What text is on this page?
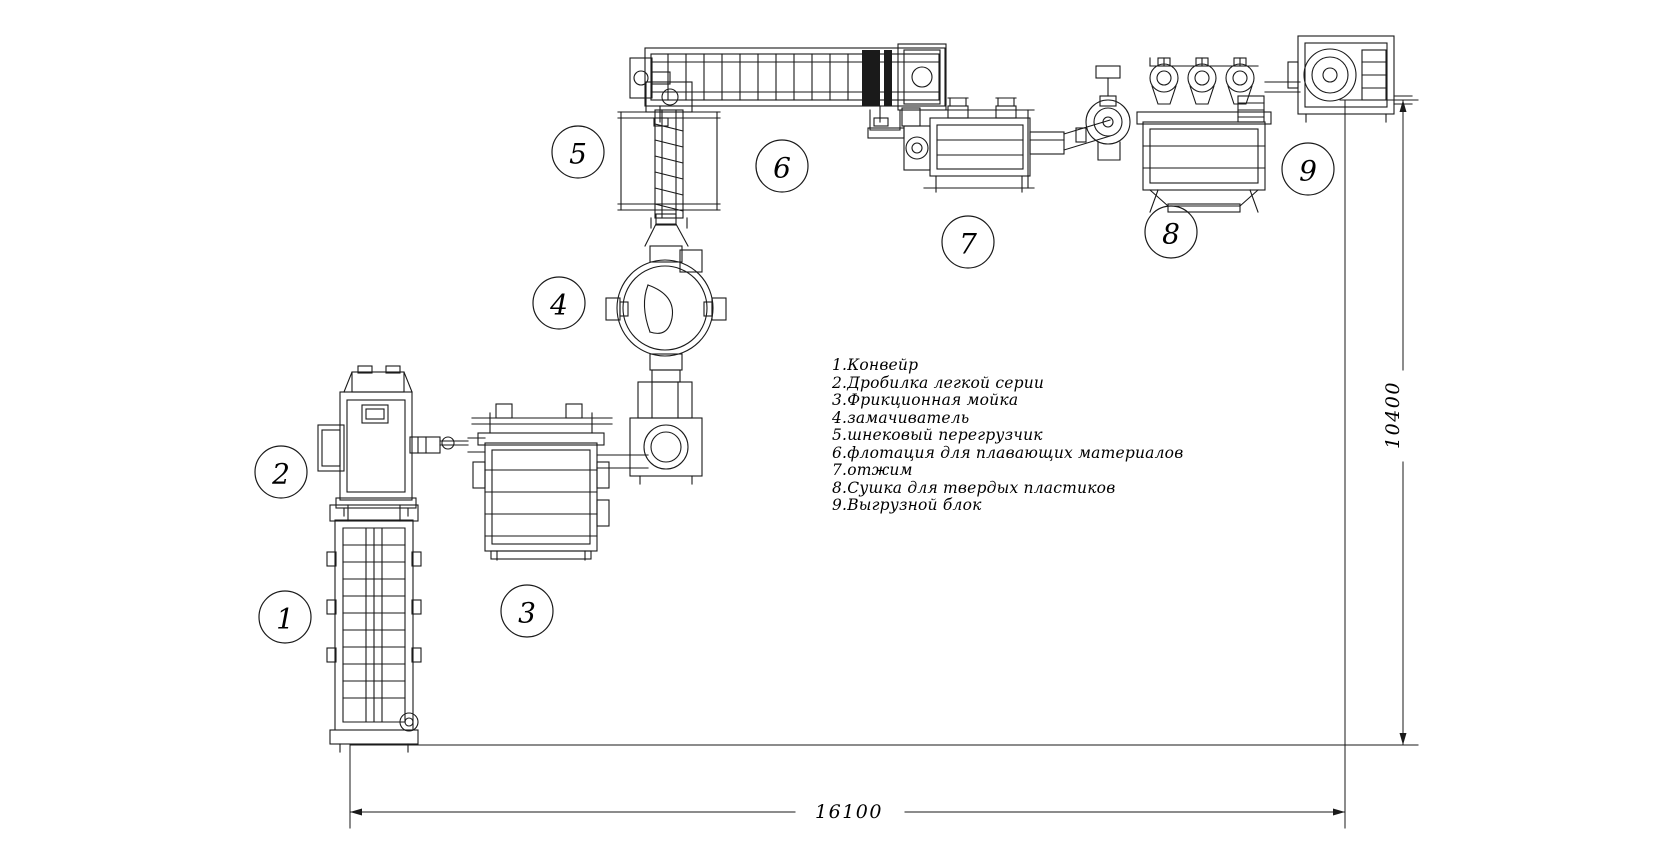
1
2
3
4
5	6
7	8
9
1.Конвейр
2.Дробилка легкой серии
3.Фрикционная мойка
4.замачиватель
5.шнековый перегрузчик
6.флотация для плавающих материалов
7.отжим
8.Сушка для твердых пластиков
9.Выгрузной блок
16100
10400
